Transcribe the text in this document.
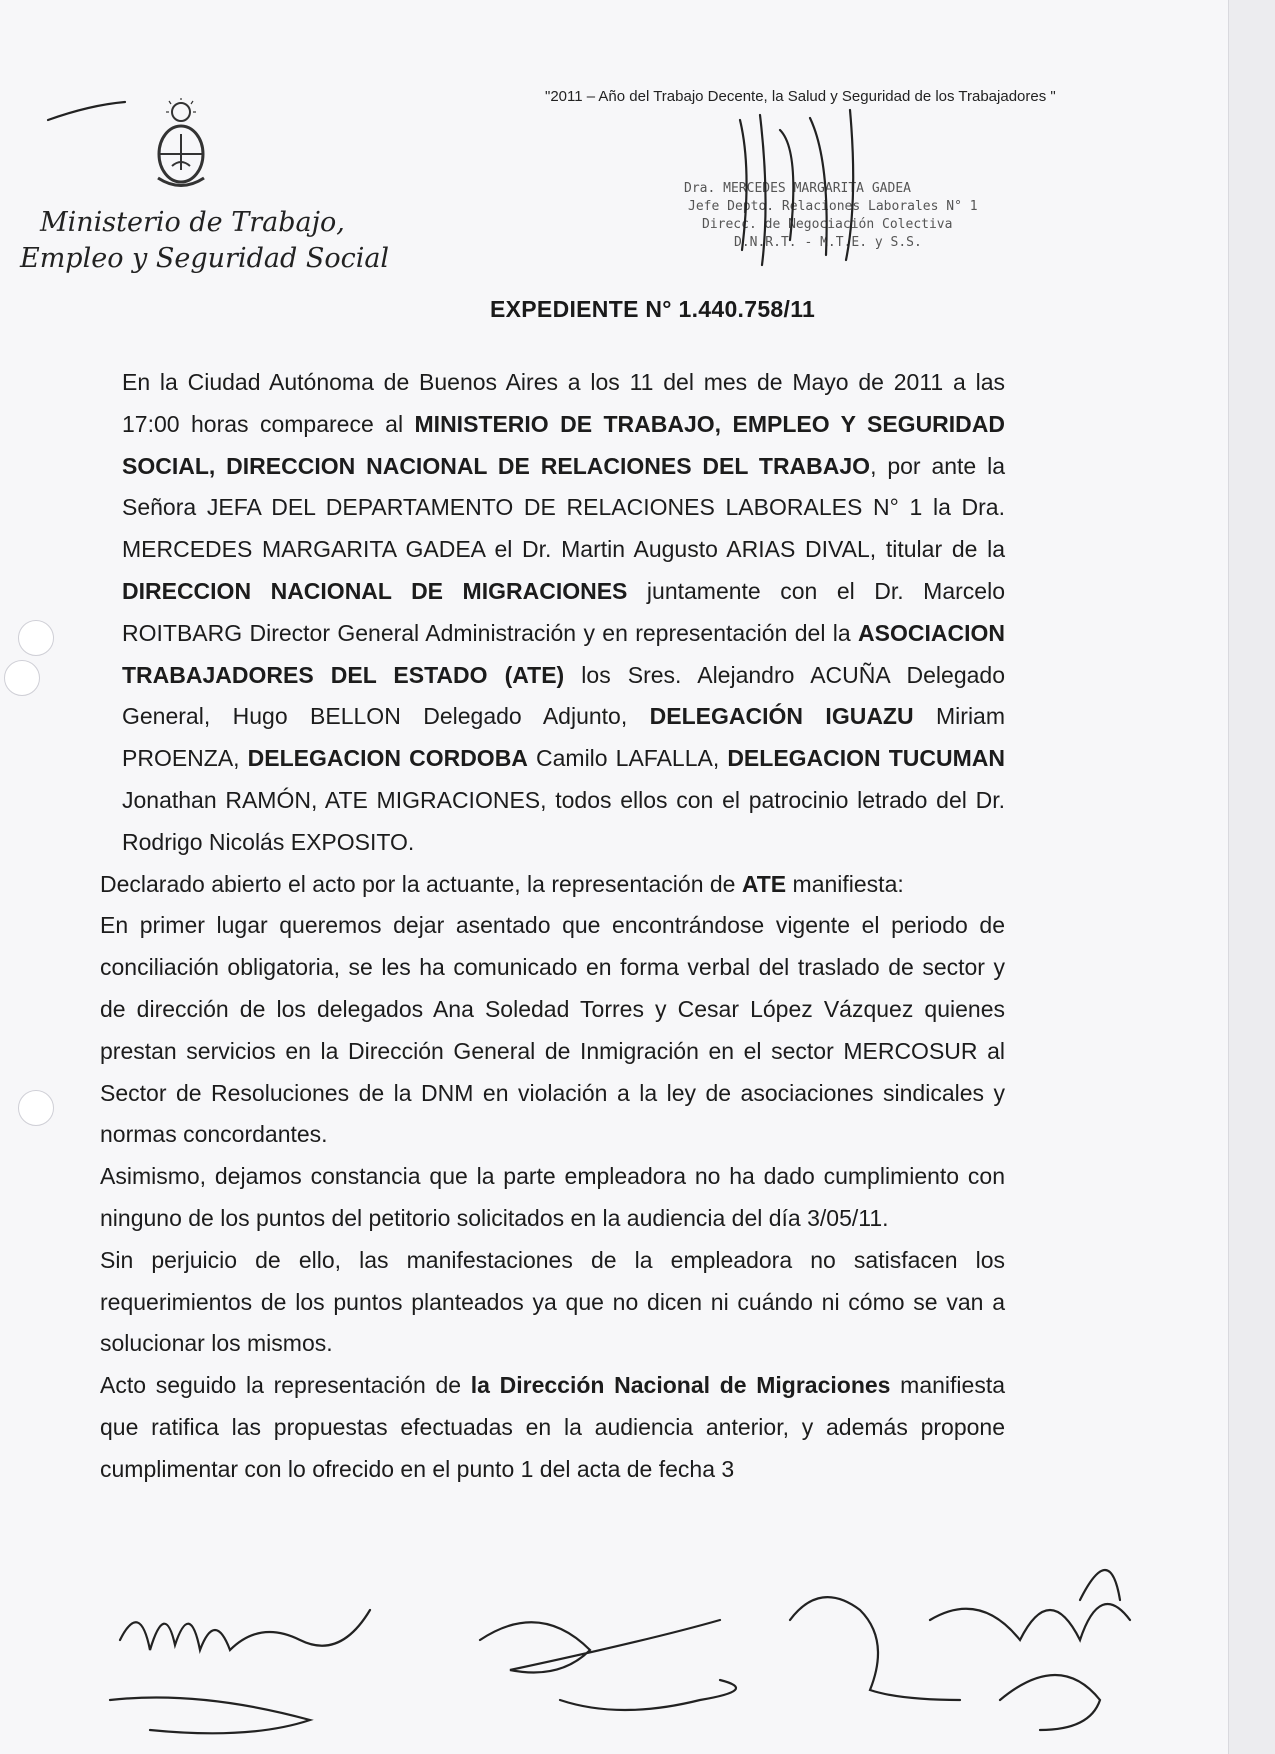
"2011 – Año del Trabajo Decente, la Salud y Seguridad de los Trabajadores "
Ministerio de Trabajo,
Empleo y Seguridad Social
Dra. MERCEDES MARGARITA GADEA
Jefe Depto. Relaciones Laborales N° 1
Direcc. de Negociación Colectiva
D.N.R.T. - M.T.E. y S.S.
EXPEDIENTE N° 1.440.758/11

En la Ciudad Autónoma de Buenos Aires a los 11 del mes de Mayo de 2011 a las 17:00 horas comparece al MINISTERIO DE TRABAJO, EMPLEO Y SEGURIDAD SOCIAL, DIRECCION NACIONAL DE RELACIONES DEL TRABAJO, por ante la Señora JEFA DEL DEPARTAMENTO DE RELACIONES LABORALES N° 1 la Dra. MERCEDES MARGARITA GADEA el Dr. Martin Augusto ARIAS DIVAL, titular de la DIRECCION NACIONAL DE MIGRACIONES juntamente con el Dr. Marcelo ROITBARG Director General Administración y en representación del la ASOCIACION TRABAJADORES DEL ESTADO (ATE) los Sres. Alejandro ACUÑA Delegado General, Hugo BELLON Delegado Adjunto, DELEGACIÓN IGUAZU Miriam PROENZA, DELEGACION CORDOBA Camilo LAFALLA, DELEGACION TUCUMAN Jonathan RAMÓN, ATE MIGRACIONES, todos ellos con el patrocinio letrado del Dr. Rodrigo Nicolás EXPOSITO.

Declarado abierto el acto por la actuante, la representación de ATE manifiesta:

En primer lugar queremos dejar asentado que encontrándose vigente el periodo de conciliación obligatoria, se les ha comunicado en forma verbal del traslado de sector y de dirección de los delegados Ana Soledad Torres y Cesar López Vázquez quienes prestan servicios en la Dirección General de Inmigración en el sector MERCOSUR al Sector de Resoluciones de la DNM en violación a la ley de asociaciones sindicales y normas concordantes.

Asimismo, dejamos constancia que la parte empleadora no ha dado cumplimiento con ninguno de los puntos del petitorio solicitados en la audiencia del día 3/05/11.

Sin perjuicio de ello, las manifestaciones de la empleadora no satisfacen los requerimientos de los puntos planteados ya que no dicen ni cuándo ni cómo se van a solucionar los mismos.

Acto seguido la representación de la Dirección Nacional de Migraciones manifiesta que ratifica las propuestas efectuadas en la audiencia anterior, y además propone cumplimentar con lo ofrecido en el punto 1 del acta de fecha 3
